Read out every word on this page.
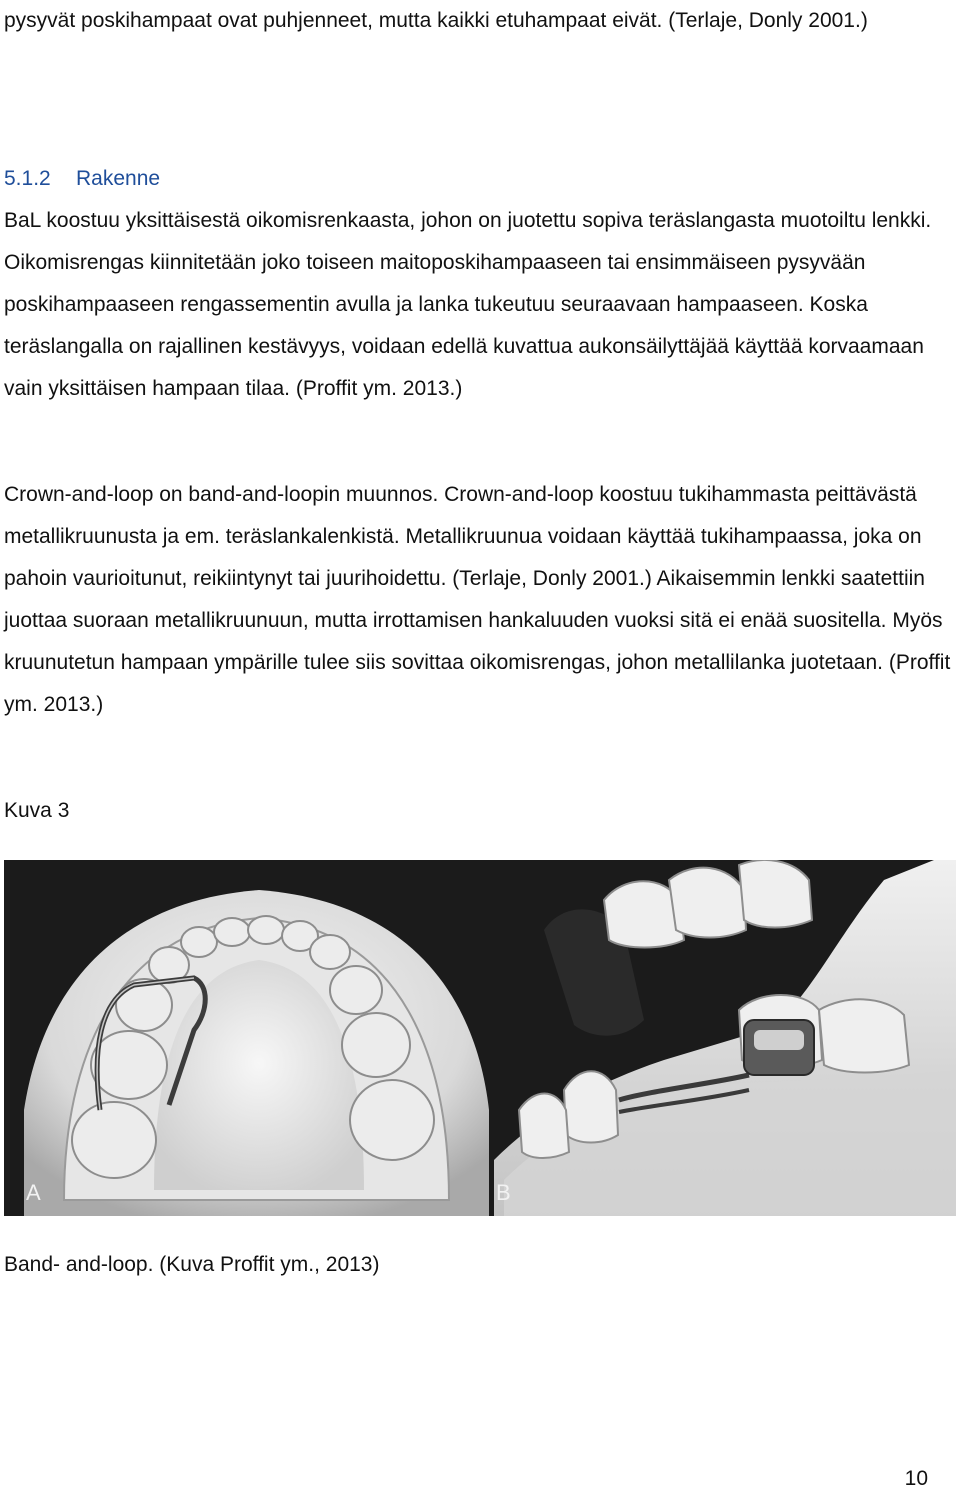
pysyvät poskihampaat ovat puhjenneet, mutta kaikki etuhampaat eivät. (Terlaje, Donly 2001.)

5.1.2 Rakenne

BaL koostuu yksittäisestä oikomisrenkaasta, johon on juotettu sopiva teräslangasta muotoiltu lenkki. Oikomisrengas kiinnitetään joko toiseen maitoposkihampaaseen tai ensimmäiseen pysyvään poskihampaaseen rengassementin avulla ja lanka tukeutuu seuraavaan hampaaseen. Koska teräslangalla on rajallinen kestävyys, voidaan edellä kuvattua aukonsäilyttäjää käyttää korvaamaan vain yksittäisen hampaan tilaa. (Proffit ym. 2013.)

Crown-and-loop on band-and-loopin muunnos. Crown-and-loop koostuu tukihammasta peittävästä metallikruunusta ja em. teräslankalenkistä. Metallikruunua voidaan käyttää tukihampaassa, joka on pahoin vaurioitunut, reikiintynyt tai juurihoidettu. (Terlaje, Donly 2001.) Aikaisemmin lenkki saatettiin juottaa suoraan metallikruunuun, mutta irrottamisen hankaluuden vuoksi sitä ei enää suositella. Myös kruunutetun hampaan ympärille tulee siis sovittaa oikomisrengas, johon metallilanka juotetaan. (Proffit ym. 2013.)

Kuva 3
A	B
Band- and-loop. (Kuva Proffit ym., 2013)
10
